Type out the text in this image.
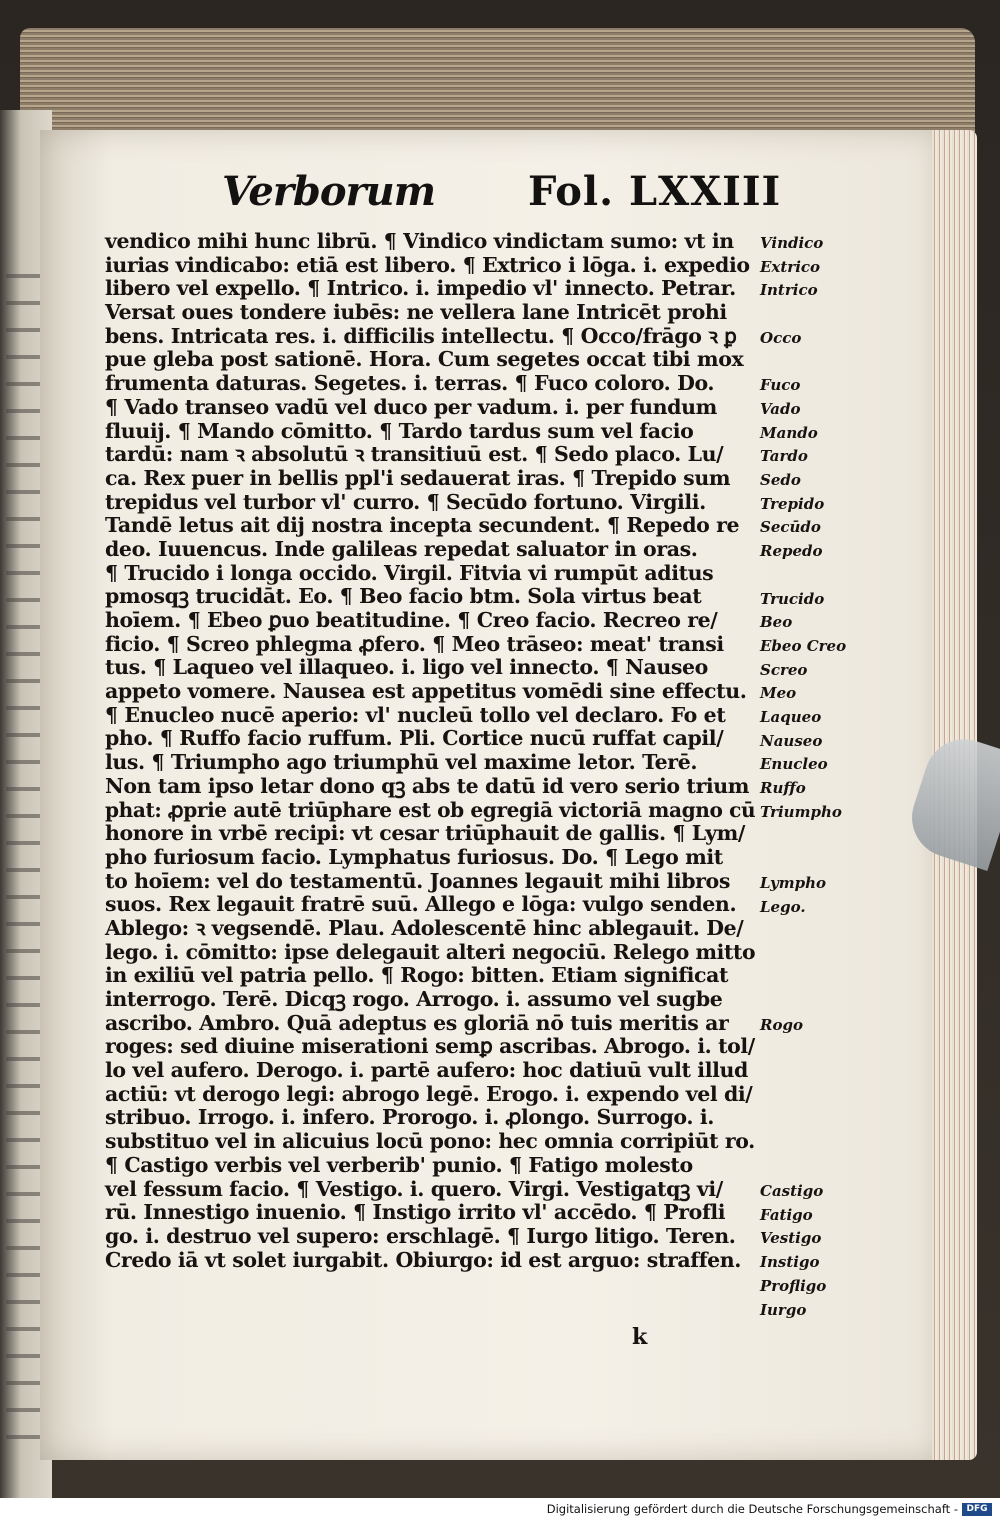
Verborum Fol. LXXIII
vendico mihi hunc librū. ¶ Vindico vindictam sumo: vt in
iurias vindicabo: etiā est libero. ¶ Extrico i lōga. i. expedio
libero vel expello. ¶ Intrico. i. impedio vl' innecto. Petrar.
Versat oues tondere iubēs: ne vellera lane Intricēt prohi
bens. Intricata res. i. difficilis intellectu. ¶ Occo/frāgo ꝛ ꝑ
pue gleba post sationē. Hora. Cum segetes occat tibi mox
frumenta daturas. Segetes. i. terras. ¶ Fuco coloro. Do.
¶ Vado transeo vadū vel duco per vadum. i. per fundum
fluuij. ¶ Mando cōmitto. ¶ Tardo tardus sum vel facio
tardū: nam ꝛ absolutū ꝛ transitiuū est. ¶ Sedo placo. Lu/
ca. Rex puer in bellis ppl'i sedauerat iras. ¶ Trepido sum
trepidus vel turbor vl' curro. ¶ Secūdo fortuno. Virgili.
Tandē letus ait dij nostra incepta secundent. ¶ Repedo re
deo. Iuuencus. Inde galileas repedat saluator in oras.
¶ Trucido i longa occido. Virgil. Fitvia vi rumpūt aditus
pmosqꝫ trucidāt. Eo. ¶ Beo facio btm. Sola virtus beat
hoīem. ¶ Ebeo ꝑuo beatitudine. ¶ Creo facio. Recreo re/
ficio. ¶ Screo phlegma ꝓfero. ¶ Meo trāseo: meat' transi
tus. ¶ Laqueo vel illaqueo. i. ligo vel innecto. ¶ Nauseo
appeto vomere. Nausea est appetitus vomēdi sine effectu.
¶ Enucleo nucē aperio: vl' nucleū tollo vel declaro. Fo et
pho. ¶ Ruffo facio ruffum. Pli. Cortice nucū ruffat capil/
lus. ¶ Triumpho ago triumphū vel maxime letor. Terē.
Non tam ipso letar dono qꝫ abs te datū id vero serio trium
phat: ꝓprie autē triūphare est ob egregiā victoriā magno cū
honore in vrbē recipi: vt cesar triūphauit de gallis. ¶ Lym/
pho furiosum facio. Lymphatus furiosus. Do. ¶ Lego mit
to hoīem: vel do testamentū. Joannes legauit mihi libros
suos. Rex legauit fratrē suū. Allego e lōga: vulgo senden.
Ablego: ꝛ vegsendē. Plau. Adolescentē hinc ablegauit. De/
lego. i. cōmitto: ipse delegauit alteri negociū. Relego mitto
in exiliū vel patria pello. ¶ Rogo: bitten. Etiam significat
interrogo. Terē. Dicqꝫ rogo. Arrogo. i. assumo vel sugbe
ascribo. Ambro. Quā adeptus es gloriā nō tuis meritis ar
roges: sed diuine miserationi semꝑ ascribas. Abrogo. i. tol/
lo vel aufero. Derogo. i. partē aufero: hoc datiuū vult illud
actiū: vt derogo legi: abrogo legē. Erogo. i. expendo vel di/
stribuo. Irrogo. i. infero. Prorogo. i. ꝓlongo. Surrogo. i.
substituo vel in alicuius locū pono: hec omnia corripiūt ro.
¶ Castigo verbis vel verberib' punio. ¶ Fatigo molesto
vel fessum facio. ¶ Vestigo. i. quero. Virgi. Vestigatqꝫ vi/
rū. Innestigo inuenio. ¶ Instigo irrito vl' accēdo. ¶ Profli
go. i. destruo vel supero: erschlagē. ¶ Iurgo litigo. Teren.
Credo iā vt solet iurgabit. Obiurgo: id est arguo: straffen.
Vindico
Extrico
Intrico
Occo
Fuco
Vado
Mando
Tardo
Sedo
Trepido
Secūdo
Repedo
Trucido
Beo
Ebeo Creo
Screo
Meo
Laqueo
Nauseo
Enucleo
Ruffo
Triumpho
Lympho
Lego.
Rogo
Castigo
Fatigo
Vestigo
Instigo
Profligo
Iurgo
k
Digitalisierung gefördert durch die Deutsche Forschungsgemeinschaft - DFG
